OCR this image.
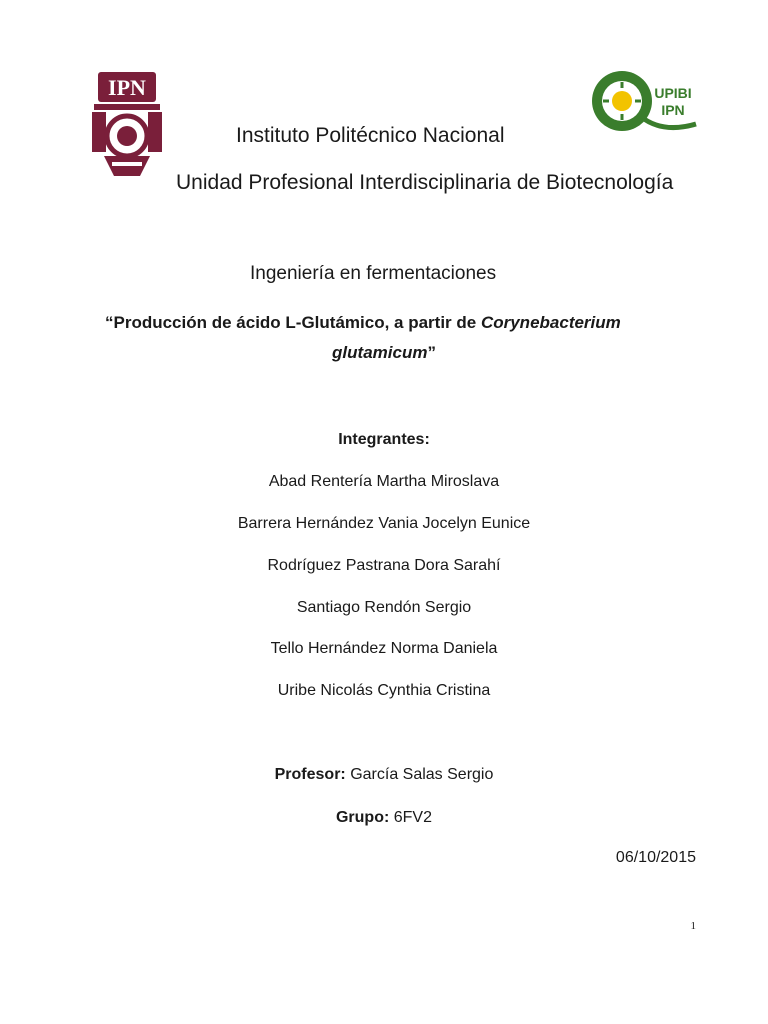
IPN	UPIBI
IPN
Instituto Politécnico Nacional
Unidad Profesional Interdisciplinaria de Biotecnología
Ingeniería en fermentaciones
“Producción de ácido L-Glutámico, a partir de Corynebacterium
glutamicum”
Integrantes:
Abad Rentería Martha Miroslava
Barrera Hernández Vania Jocelyn Eunice
Rodríguez Pastrana Dora Sarahí
Santiago Rendón Sergio
Tello Hernández Norma Daniela
Uribe Nicolás Cynthia Cristina
Profesor: García Salas Sergio
Grupo: 6FV2
06/10/2015
1
